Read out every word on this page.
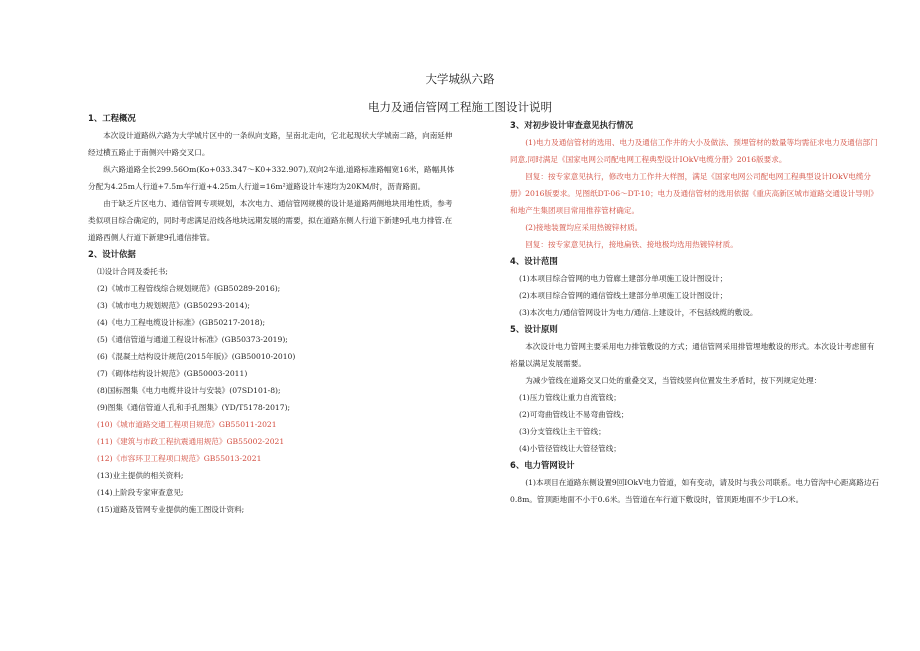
大学城纵六路
电力及通信管网工程施工图设计说明

1、工程概况

本次设计道路纵六路为大学城片区中的一条纵向支路，呈南北走向，它北起现状大学城南二路，向南延伸经过横五路止于南侧兴中路交叉口。

纵六路道路全长299.56Om(Ko+033.347～K0+332.907),双向2车道,道路标准路幅宽16米，路幅具体分配为4.25m人行道+7.5m车行道+4.25m人行道=16m²道路设计车速均为20KM/时，沥青路面。

由于缺乏片区电力、通信管网专项规划，本次电力、通信管网规模的设计是道路两侧地块用地性质，参考类似项目综合确定的，同时考虑满足沿线各地块远期发展的需要，拟在道路东侧人行道下新建9孔电力排管.在道路西侧人行道下新建9孔通信排管。

2、设计依据

⑴设计合同及委托书;

(2)《城市工程管线综合规划规范》(GB50289-2016);

(3)《城市电力规划规范》(GB50293-2014);

(4)《电力工程电缆设计标准》(GB50217-2018);

(5)《通信管道与通道工程设计标准》(GB50373-2019);

(6)《混凝土结构设计规范(2015年版)》(GB50010-2010)

(7)《砌体结构设计规范》(GB50003-2011)

(8)国标图集《电力电缆井设计与安装》(07SD101-8);

(9)图集《通信管道人孔和手孔图集》(YD/T5178-2017);

(10)《城市道路交通工程项目规范》GB55011-2021

(11)《建筑与市政工程抗震通用规范》GB55002-2021

(12)《市容环卫工程项口规范》GB55013-2021

(13)业主提供的相关资料;

(14)上阶段专家审查意见;

(15)道路及管网专业提供的施工图设计资料;

3、对初步设计审查意见执行情况

(1)电力及通信管材的选用、电力及通信工作井的大小及做法、预埋管材的数量等均需征求电力及通信部门同意,同时满足《国家电网公司配电网工程典型设计IOkV电缆分册》2016版要求。

回复：按专家意见执行，修改电力工作井大样图，满足《国家电网公司配电网工程典型设计IOkV电缆分册》2016版要求。见图纸DT-06～DT-10；电力及通信管材的选用依据《重庆高新区城市道路交通设计导则》和地产生集团项目常用推荐管材确定。

(2)接地装置均应采用热镀锌材质。

回复：按专家意见执行，接地扁铁、接地极均选用热镀锌材质。

4、设计范围

(1)本项目综合管网的电力管廊土建部分单项施工设计图设计；

(2)本项目综合管网的通信管线土建部分单项施工设计图设计；

(3)本次电力/通信管网设计为电力/通信.上建设计，不包括线缆的敷设。

5、设计原则

本次设计电力管网主要采用电力排管敷设的方式；通信管网采用排管埋地敷设的形式。本次设计考虑留有裕量以满足发展需要。

为减少管线在道路交叉口处的重叠交叉，当管线竖向位置发生矛盾时，按下列规定处理：

(1)压力管线让重力自流管线；

(2)可弯曲管线让不易弯曲管线；

(3)分支管线让主干管线；

(4)小管径管线让大管径管线；

6、电力管网设计

(1)本项目在道路东侧设置9回IOkV电力管道，如有变动，请及时与我公司联系。电力管沟中心距离路边石0.8m。管顶距地面不小于0.6米。当管道在车行道下敷设时，管顶距地面不少于LO米。
